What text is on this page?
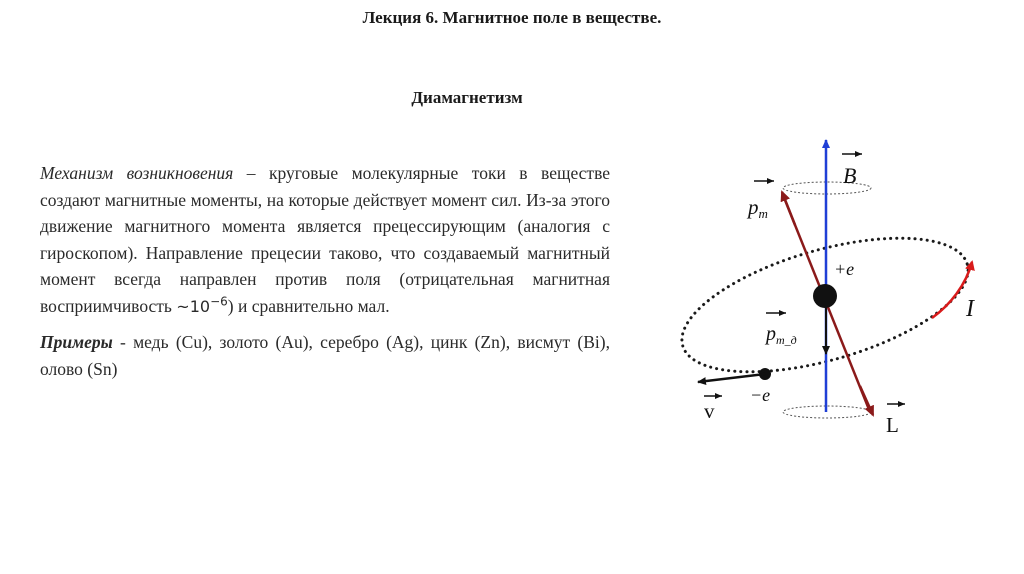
Лекция 6. Магнитное поле в веществе.
Диамагнетизм

Механизм возникновения – круговые молекулярные токи в веществе создают магнитные моменты, на которые действует момент сил. Из-за этого движение магнитного момента является прецессирующим (аналогия с гироскопом). Направление прецесии таково, что создаваемый магнитный момент всегда направлен против поля (отрицательная магнитная восприимчивость $\sim 10^{-6}$) и сравнительно мал.

Примеры - медь (Cu), золото (Au), серебро (Ag), цинк (Zn), висмут (Bi), олово (Sn)

B
pm
+e
I
$p_{m\_д}$
−e
v
L
